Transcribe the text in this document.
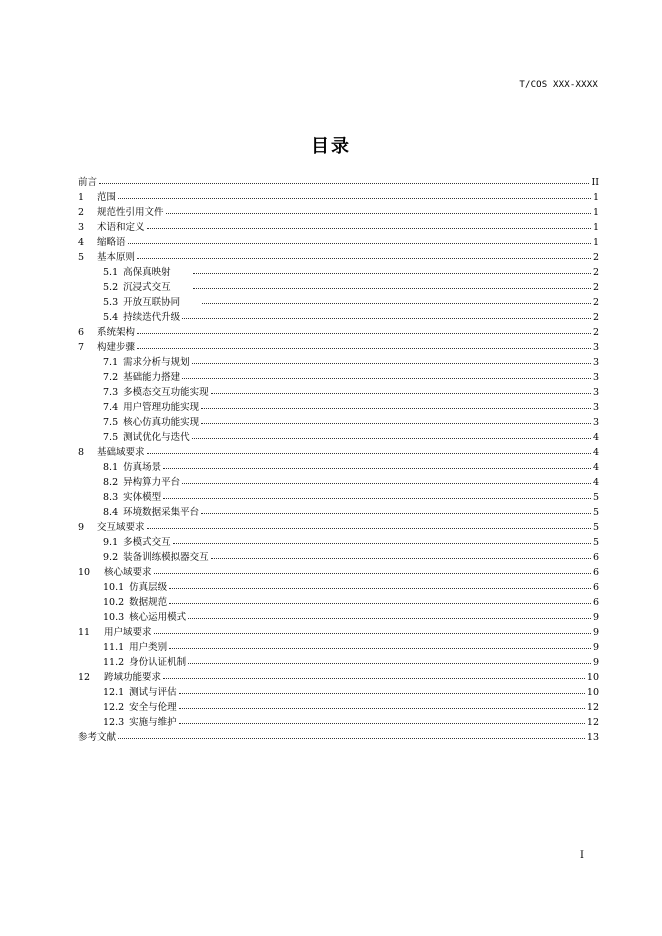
T/COS XXX-XXXX
目录
前言	II
1	范围	1
2	规范性引用文件	1
3	术语和定义	1
4	缩略语	1
5	基本原则	2
5.1 高保真映射	2
5.2 沉浸式交互	2
5.3 开放互联协同	2
5.4 持续迭代升级	2
6	系统架构	2
7	构建步骤	3
7.1 需求分析与规划	3
7.2 基础能力搭建	3
7.3 多模态交互功能实现	3
7.4 用户管理功能实现	3
7.5 核心仿真功能实现	3
7.5 测试优化与迭代	4
8	基础域要求	4
8.1 仿真场景	4
8.2 异构算力平台	4
8.3 实体模型	5
8.4 环境数据采集平台	5
9	交互域要求	5
9.1 多模式交互	5
9.2 装备训练模拟器交互	6
10	核心域要求	6
10.1 仿真层级	6
10.2 数据规范	6
10.3 核心运用模式	9
11	用户域要求	9
11.1 用户类别	9
11.2 身份认证机制	9
12	跨域功能要求	10
12.1 测试与评估	10
12.2 安全与伦理	12
12.3 实施与维护	12
参考文献	13
I
